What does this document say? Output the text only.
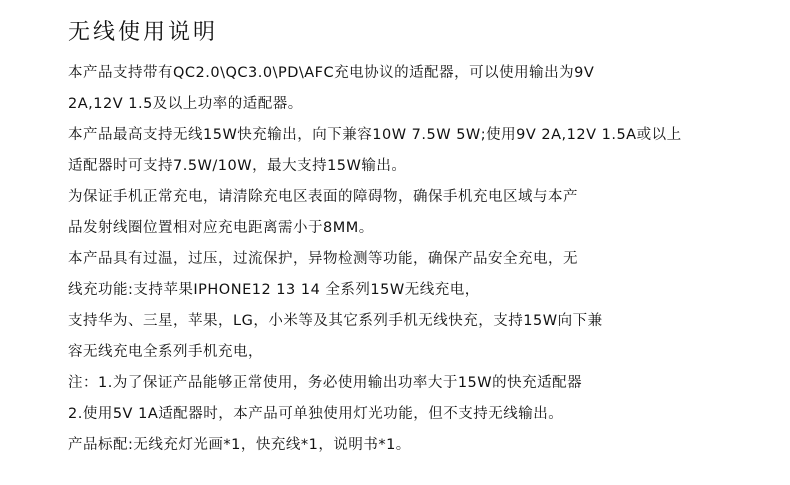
无线使用说明

本产品支持带有QC2.0\QC3.0\PD\AFC充电协议的适配器，可以使用输出为9V

2A,12V 1.5及以上功率的适配器。

本产品最高支持无线15W快充输出，向下兼容10W 7.5W 5W;使用9V 2A,12V 1.5A或以上

适配器时可支持7.5W/10W，最大支持15W输出。

为保证手机正常充电，请清除充电区表面的障碍物，确保手机充电区域与本产

品发射线圈位置相对应充电距离需小于8MM。

本产品具有过温，过压，过流保护，异物检测等功能，确保产品安全充电，无

线充功能:支持苹果IPHONE12 13 14 全系列15W无线充电，

支持华为、三星，苹果，LG，小米等及其它系列手机无线快充，支持15W向下兼

容无线充电全系列手机充电，

注：1.为了保证产品能够正常使用，务必使用输出功率大于15W的快充适配器

2.使用5V 1A适配器时，本产品可单独使用灯光功能，但不支持无线输出。

产品标配:无线充灯光画*1，快充线*1，说明书*1。
